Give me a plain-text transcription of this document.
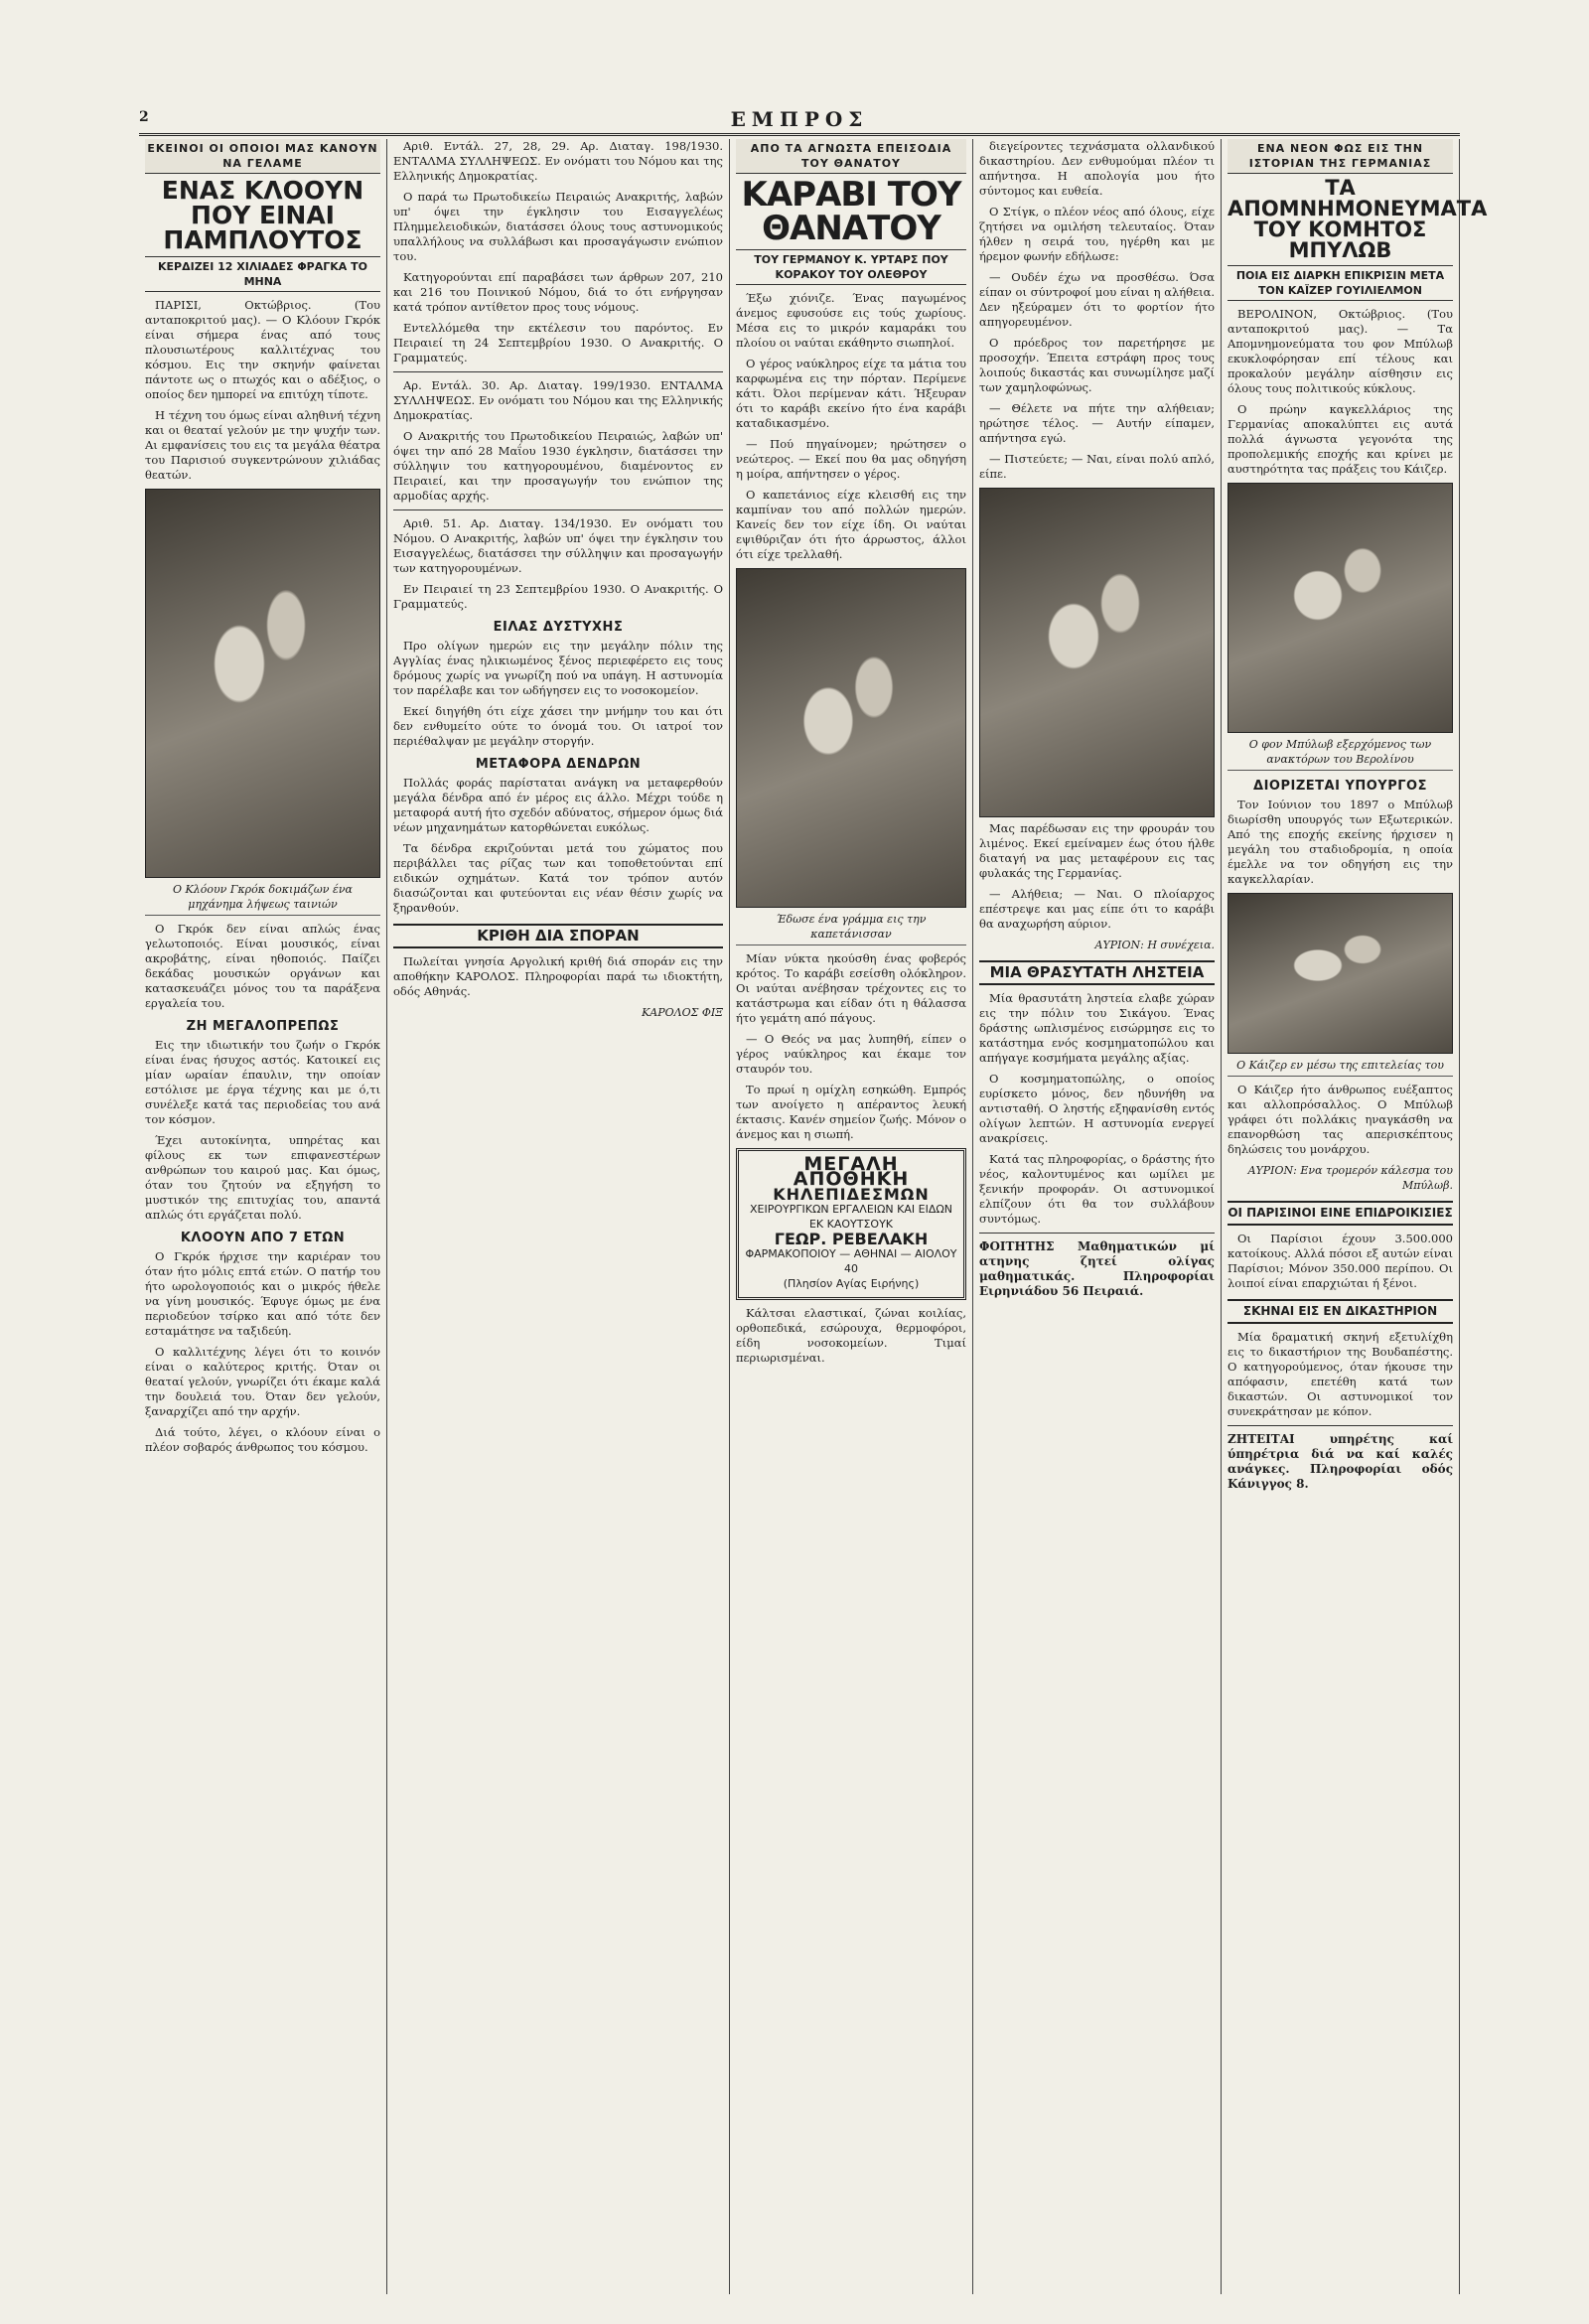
2	ΕΜΠΡΟΣ
ΕΚΕΙΝΟΙ ΟΙ ΟΠΟΙΟΙ ΜΑΣ ΚΑΝΟΥΝ ΝΑ ΓΕΛΑΜΕ
ΕΝΑΣ ΚΛΟΟΥΝ ΠΟΥ ΕΙΝΑΙ ΠΑΜΠΛΟΥΤΟΣ
ΚΕΡΔΙΖΕΙ 12 ΧΙΛΙΑΔΕΣ ΦΡΑΓΚΑ ΤΟ ΜΗΝΑ

ΠΑΡΙΣΙ, Οκτώβριος. (Του ανταποκριτού μας). — Ο Κλόουν Γκρόκ είναι σήμερα ένας από τους πλουσιωτέρους καλλιτέχνας του κόσμου. Εις την σκηνήν φαίνεται πάντοτε ως ο πτωχός και ο αδέξιος, ο οποίος δεν ημπορεί να επιτύχη τίποτε.

Η τέχνη του όμως είναι αληθινή τέχνη και οι θεαταί γελούν με την ψυχήν των. Αι εμφανίσεις του εις τα μεγάλα θέατρα του Παρισιού συγκεντρώνουν χιλιάδας θεατών.

Ο Κλόουν Γκρόκ δοκιμάζων ένα μηχάνημα λήψεως ταινιών

Ο Γκρόκ δεν είναι απλώς ένας γελωτοποιός. Είναι μουσικός, είναι ακροβάτης, είναι ηθοποιός. Παίζει δεκάδας μουσικών οργάνων και κατασκευάζει μόνος του τα παράξενα εργαλεία του.

ΖΗ ΜΕΓΑΛΟΠΡΕΠΩΣ

Εις την ιδιωτικήν του ζωήν ο Γκρόκ είναι ένας ήσυχος αστός. Κατοικεί εις μίαν ωραίαν έπαυλιν, την οποίαν εστόλισε με έργα τέχνης και με ό,τι συνέλεξε κατά τας περιοδείας του ανά τον κόσμον.

Έχει αυτοκίνητα, υπηρέτας και φίλους εκ των επιφανεστέρων ανθρώπων του καιρού μας. Και όμως, όταν του ζητούν να εξηγήση το μυστικόν της επιτυχίας του, απαντά απλώς ότι εργάζεται πολύ.

ΚΛΟΟΥΝ ΑΠΟ 7 ΕΤΩΝ

Ο Γκρόκ ήρχισε την καριέραν του όταν ήτο μόλις επτά ετών. Ο πατήρ του ήτο ωρολογοποιός και ο μικρός ήθελε να γίνη μουσικός. Έφυγε όμως με ένα περιοδεύον τσίρκο και από τότε δεν εσταμάτησε να ταξιδεύη.

Ο καλλιτέχνης λέγει ότι το κοινόν είναι ο καλύτερος κριτής. Όταν οι θεαταί γελούν, γνωρίζει ότι έκαμε καλά την δουλειά του. Όταν δεν γελούν, ξαναρχίζει από την αρχήν.

Διά τούτο, λέγει, ο κλόουν είναι ο πλέον σοβαρός άνθρωπος του κόσμου.

Αριθ. Εντάλ. 27, 28, 29. Αρ. Διαταγ. 198/1930. ΕΝΤΑΛΜΑ ΣΥΛΛΗΨΕΩΣ. Εν ονόματι του Νόμου και της Ελληνικής Δημοκρατίας.

Ο παρά τω Πρωτοδικείω Πειραιώς Ανακριτής, λαβών υπ' όψει την έγκλησιν του Εισαγγελέως Πλημμελειοδικών, διατάσσει όλους τους αστυνομικούς υπαλλήλους να συλλάβωσι και προσαγάγωσιν ενώπιον του.

Κατηγορούνται επί παραβάσει των άρθρων 207, 210 και 216 του Ποινικού Νόμου, διά το ότι ενήργησαν κατά τρόπον αντίθετον προς τους νόμους.

Εντελλόμεθα την εκτέλεσιν του παρόντος. Εν Πειραιεί τη 24 Σεπτεμβρίου 1930. Ο Ανακριτής. Ο Γραμματεύς.

Αρ. Εντάλ. 30. Αρ. Διαταγ. 199/1930. ΕΝΤΑΛΜΑ ΣΥΛΛΗΨΕΩΣ. Εν ονόματι του Νόμου και της Ελληνικής Δημοκρατίας.

Ο Ανακριτής του Πρωτοδικείου Πειραιώς, λαβών υπ' όψει την από 28 Μαΐου 1930 έγκλησιν, διατάσσει την σύλληψιν του κατηγορουμένου, διαμένοντος εν Πειραιεί, και την προσαγωγήν του ενώπιον της αρμοδίας αρχής.

Αριθ. 51. Αρ. Διαταγ. 134/1930. Εν ονόματι του Νόμου. Ο Ανακριτής, λαβών υπ' όψει την έγκλησιν του Εισαγγελέως, διατάσσει την σύλληψιν και προσαγωγήν των κατηγορουμένων.

Εν Πειραιεί τη 23 Σεπτεμβρίου 1930. Ο Ανακριτής. Ο Γραμματεύς.

ΕΙΛΑΣ ΔΥΣΤΥΧΗΣ

Προ ολίγων ημερών εις την μεγάλην πόλιν της Αγγλίας ένας ηλικιωμένος ξένος περιεφέρετο εις τους δρόμους χωρίς να γνωρίζη πού να υπάγη. Η αστυνομία τον παρέλαβε και τον ωδήγησεν εις το νοσοκομείον.

Εκεί διηγήθη ότι είχε χάσει την μνήμην του και ότι δεν ενθυμείτο ούτε το όνομά του. Οι ιατροί τον περιέθαλψαν με μεγάλην στοργήν.

ΜΕΤΑΦΟΡΑ ΔΕΝΔΡΩΝ

Πολλάς φοράς παρίσταται ανάγκη να μεταφερθούν μεγάλα δένδρα από έν μέρος εις άλλο. Μέχρι τούδε η μεταφορά αυτή ήτο σχεδόν αδύνατος, σήμερον όμως διά νέων μηχανημάτων κατορθώνεται ευκόλως.

Τα δένδρα εκριζούνται μετά του χώματος που περιβάλλει τας ρίζας των και τοποθετούνται επί ειδικών οχημάτων. Κατά τον τρόπον αυτόν διασώζονται και φυτεύονται εις νέαν θέσιν χωρίς να ξηρανθούν.

ΚΡΙΘΗ ΔΙΑ ΣΠΟΡΑΝ

Πωλείται γνησία Αργολική κριθή διά σποράν εις την αποθήκην ΚΑΡΟΛΟΣ. Πληροφορίαι παρά τω ιδιοκτήτη, οδός Αθηνάς.

ΚΑΡΟΛΟΣ ΦΙΞ
ΑΠΟ ΤΑ ΑΓΝΩΣΤΑ ΕΠΕΙΣΟΔΙΑ ΤΟΥ ΘΑΝΑΤΟΥ
ΚΑΡΑΒΙ ΤΟΥ ΘΑΝΑΤΟΥ
ΤΟΥ ΓΕΡΜΑΝΟΥ Κ. ΥΡΤΑΡΣ ΠΟΥ ΚΟΡΑΚΟΥ ΤΟΥ ΟΛΕΘΡΟΥ

Έξω χιόνιζε. Ένας παγωμένος άνεμος εφυσούσε εις τούς χωρίους. Μέσα εις το μικρόν καμαράκι του πλοίου οι ναύται εκάθηντο σιωπηλοί.

Ο γέρος ναύκληρος είχε τα μάτια του καρφωμένα εις την πόρταν. Περίμενε κάτι. Όλοι περίμεναν κάτι. Ήξευραν ότι το καράβι εκείνο ήτο ένα καράβι καταδικασμένο.

— Πού πηγαίνομεν; ηρώτησεν ο νεώτερος. — Εκεί που θα μας οδηγήση η μοίρα, απήντησεν ο γέρος.

Ο καπετάνιος είχε κλεισθή εις την καμπίναν του από πολλών ημερών. Κανείς δεν τον είχε ίδη. Οι ναύται εψιθύριζαν ότι ήτο άρρωστος, άλλοι ότι είχε τρελλαθή.

Έδωσε ένα γράμμα εις την καπετάνισσαν

Μίαν νύκτα ηκούσθη ένας φοβερός κρότος. Το καράβι εσείσθη ολόκληρον. Οι ναύται ανέβησαν τρέχοντες εις το κατάστρωμα και είδαν ότι η θάλασσα ήτο γεμάτη από πάγους.

— Ο Θεός να μας λυπηθή, είπεν ο γέρος ναύκληρος και έκαμε τον σταυρόν του.

Το πρωί η ομίχλη εσηκώθη. Εμπρός των ανοίγετο η απέραντος λευκή έκτασις. Κανέν σημείον ζωής. Μόνον ο άνεμος και η σιωπή.

ΜΕΓΑΛΗ ΑΠΟΘΗΚΗ
ΚΗΛΕΠΙΔΕΣΜΩΝ
ΧΕΙΡΟΥΡΓΙΚΩΝ ΕΡΓΑΛΕΙΩΝ ΚΑΙ ΕΙΔΩΝ ΕΚ ΚΑΟΥΤΣΟΥΚ
ΓΕΩΡ. ΡΕΒΕΛΑΚΗ
ΦΑΡΜΑΚΟΠΟΙΟΥ — ΑΘΗΝΑΙ — ΑΙΟΛΟΥ 40
(Πλησίον Αγίας Ειρήνης)

Κάλτσαι ελαστικαί, ζώναι κοιλίας, ορθοπεδικά, εσώρουχα, θερμοφόροι, είδη νοσοκομείων. Τιμαί περιωρισμέναι.

διεγείροντες τεχνάσματα ολλανδικού δικαστηρίου. Δεν ενθυμούμαι πλέον τι απήντησα. Η απολογία μου ήτο σύντομος και ευθεία.

Ο Στίγκ, ο πλέον νέος από όλους, είχε ζητήσει να ομιλήση τελευταίος. Όταν ήλθεν η σειρά του, ηγέρθη και με ήρεμον φωνήν εδήλωσε:

— Ουδέν έχω να προσθέσω. Όσα είπαν οι σύντροφοί μου είναι η αλήθεια. Δεν ηξεύραμεν ότι το φορτίον ήτο απηγορευμένον.

Ο πρόεδρος τον παρετήρησε με προσοχήν. Έπειτα εστράφη προς τους λοιπούς δικαστάς και συνωμίλησε μαζί των χαμηλοφώνως.

— Θέλετε να πήτε την αλήθειαν; ηρώτησε τέλος. — Αυτήν είπαμεν, απήντησα εγώ.

— Πιστεύετε; — Ναι, είναι πολύ απλό, είπε.

Μας παρέδωσαν εις την φρουράν του λιμένος. Εκεί εμείναμεν έως ότου ήλθε διαταγή να μας μεταφέρουν εις τας φυλακάς της Γερμανίας.

— Αλήθεια; — Ναι. Ο πλοίαρχος επέστρεψε και μας είπε ότι το καράβι θα αναχωρήση αύριον.

ΑΥΡΙΟΝ: Η συνέχεια.
ΜΙΑ ΘΡΑΣΥΤΑΤΗ ΛΗΣΤΕΙΑ

Μία θρασυτάτη ληστεία ελαβε χώραν εις την πόλιν του Σικάγου. Ένας δράστης ωπλισμένος εισώρμησε εις το κατάστημα ενός κοσμηματοπώλου και απήγαγε κοσμήματα μεγάλης αξίας.

Ο κοσμηματοπώλης, ο οποίος ευρίσκετο μόνος, δεν ηδυνήθη να αντισταθή. Ο ληστής εξηφανίσθη εντός ολίγων λεπτών. Η αστυνομία ενεργεί ανακρίσεις.

Κατά τας πληροφορίας, ο δράστης ήτο νέος, καλοντυμένος και ωμίλει με ξενικήν προφοράν. Οι αστυνομικοί ελπίζουν ότι θα τον συλλάβουν συντόμως.

ΦΟΙΤΗΤΗΣ Μαθηματικών μί ατηνης ζητεί ολίγας μαθηματικάς. Πληροφορίαι Ειρηνιάδου 56 Πειραιά.
ΕΝΑ ΝΕΟΝ ΦΩΣ ΕΙΣ ΤΗΝ ΙΣΤΟΡΙΑΝ ΤΗΣ ΓΕΡΜΑΝΙΑΣ
ΤΑ ΑΠΟΜΝΗΜΟΝΕΥΜΑΤΑ ΤΟΥ ΚΟΜΗΤΟΣ ΜΠΥΛΩΒ
ΠΟΙΑ ΕΙΣ ΔΙΑΡΚΗ ΕΠΙΚΡΙΣΙΝ ΜΕΤΑ ΤΟΝ ΚΑΪΖΕΡ ΓΟΥΙΛΙΕΛΜΟΝ

ΒΕΡΟΛΙΝΟΝ, Οκτώβριος. (Του ανταποκριτού μας). — Τα Απομνημονεύματα του φον Μπύλωβ εκυκλοφόρησαν επί τέλους και προκαλούν μεγάλην αίσθησιν εις όλους τους πολιτικούς κύκλους.

Ο πρώην καγκελλάριος της Γερμανίας αποκαλύπτει εις αυτά πολλά άγνωστα γεγονότα της προπολεμικής εποχής και κρίνει με αυστηρότητα τας πράξεις του Κάιζερ.

Ο φον Μπύλωβ εξερχόμενος των ανακτόρων του Βερολίνου
ΔΙΟΡΙΖΕΤΑΙ ΥΠΟΥΡΓΟΣ

Τον Ιούνιον του 1897 ο Μπύλωβ διωρίσθη υπουργός των Εξωτερικών. Από της εποχής εκείνης ήρχισεν η μεγάλη του σταδιοδρομία, η οποία έμελλε να τον οδηγήση εις την καγκελλαρίαν.

Ο Κάιζερ εν μέσω της επιτελείας του

Ο Κάιζερ ήτο άνθρωπος ευέξαπτος και αλλοπρόσαλλος. Ο Μπύλωβ γράφει ότι πολλάκις ηναγκάσθη να επανορθώση τας απερισκέπτους δηλώσεις του μονάρχου.

ΑΥΡΙΟΝ: Ενα τρομερόν κάλεσμα του Μπύλωβ.
ΟΙ ΠΑΡΙΣΙΝΟΙ ΕΙΝΕ ΕΠΙΔΡΟΙΚΙΣΙΕΣ

Οι Παρίσιοι έχουν 3.500.000 κατοίκους. Αλλά πόσοι εξ αυτών είναι Παρίσιοι; Μόνον 350.000 περίπου. Οι λοιποί είναι επαρχιώται ή ξένοι.

ΣΚΗΝΑΙ ΕΙΣ ΕΝ ΔΙΚΑΣΤΗΡΙΟΝ

Μία δραματική σκηνή εξετυλίχθη εις το δικαστήριον της Βουδαπέστης. Ο κατηγορούμενος, όταν ήκουσε την απόφασιν, επετέθη κατά των δικαστών. Οι αστυνομικοί τον συνεκράτησαν με κόπον.

ΖΗΤΕΙΤΑΙ υπηρέτης καί ύπηρέτρια διά να καί καλές ανάγκες. Πληροφορίαι οδός Κάνιγγος 8.
